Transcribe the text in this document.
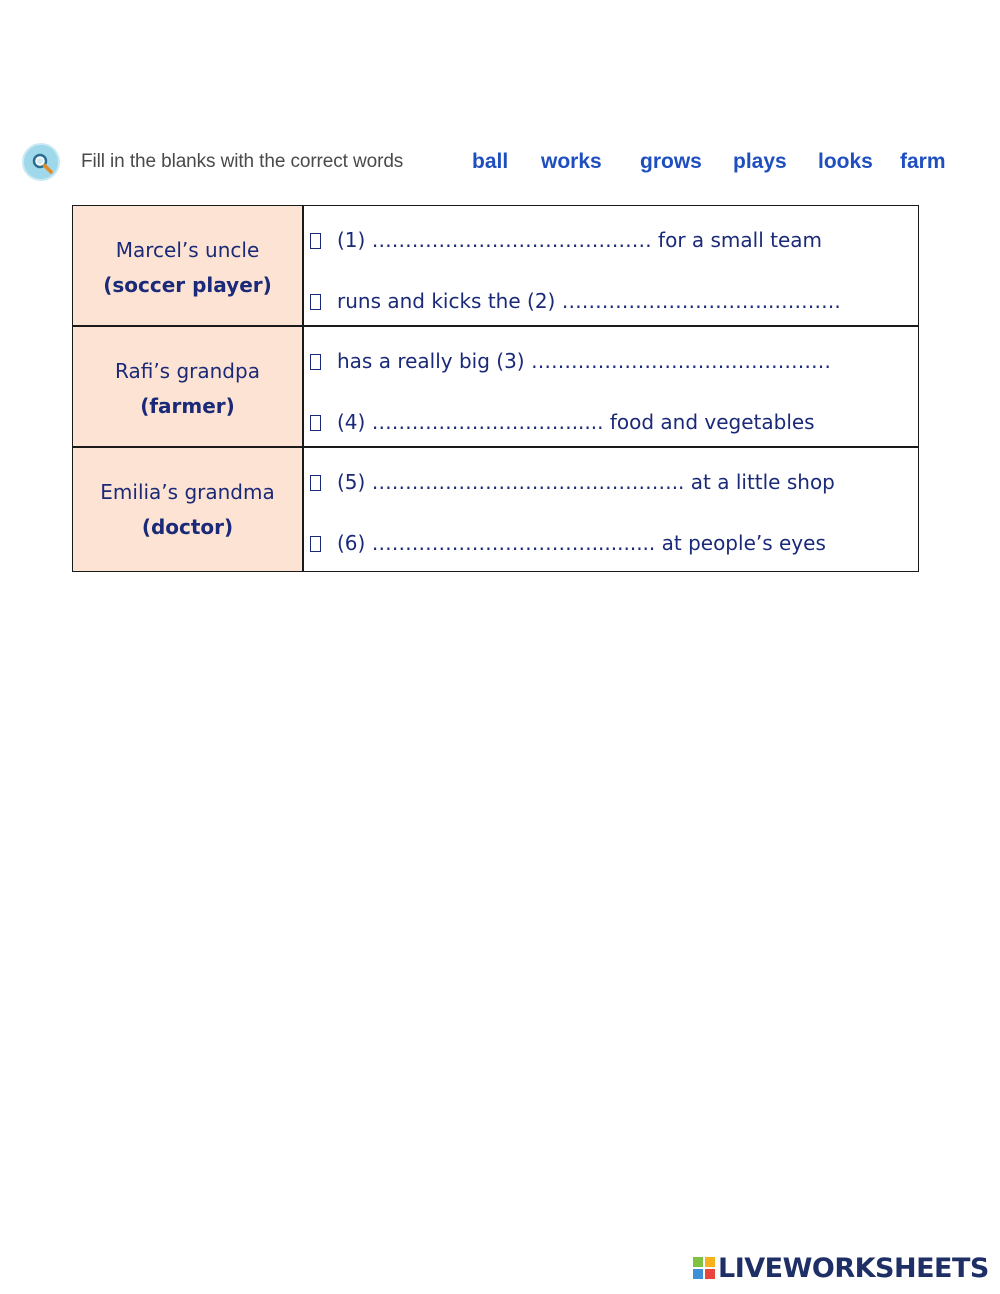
Fill in the blanks with the correct words	ball works grows plays looks farm
Marcel’s uncle
(soccer player)
(1) …………………………………… for a small team
runs and kicks the (2) …………………………..……….
Rafi’s grandpa
(farmer)
has a really big (3) ………………………………………
(4) …………………………..... food and vegetables
Emilia’s grandma
(doctor)
(5) ……………………………………….. at a little shop
(6) …………………………….......... at people’s eyes
LIVEWORKSHEETS
